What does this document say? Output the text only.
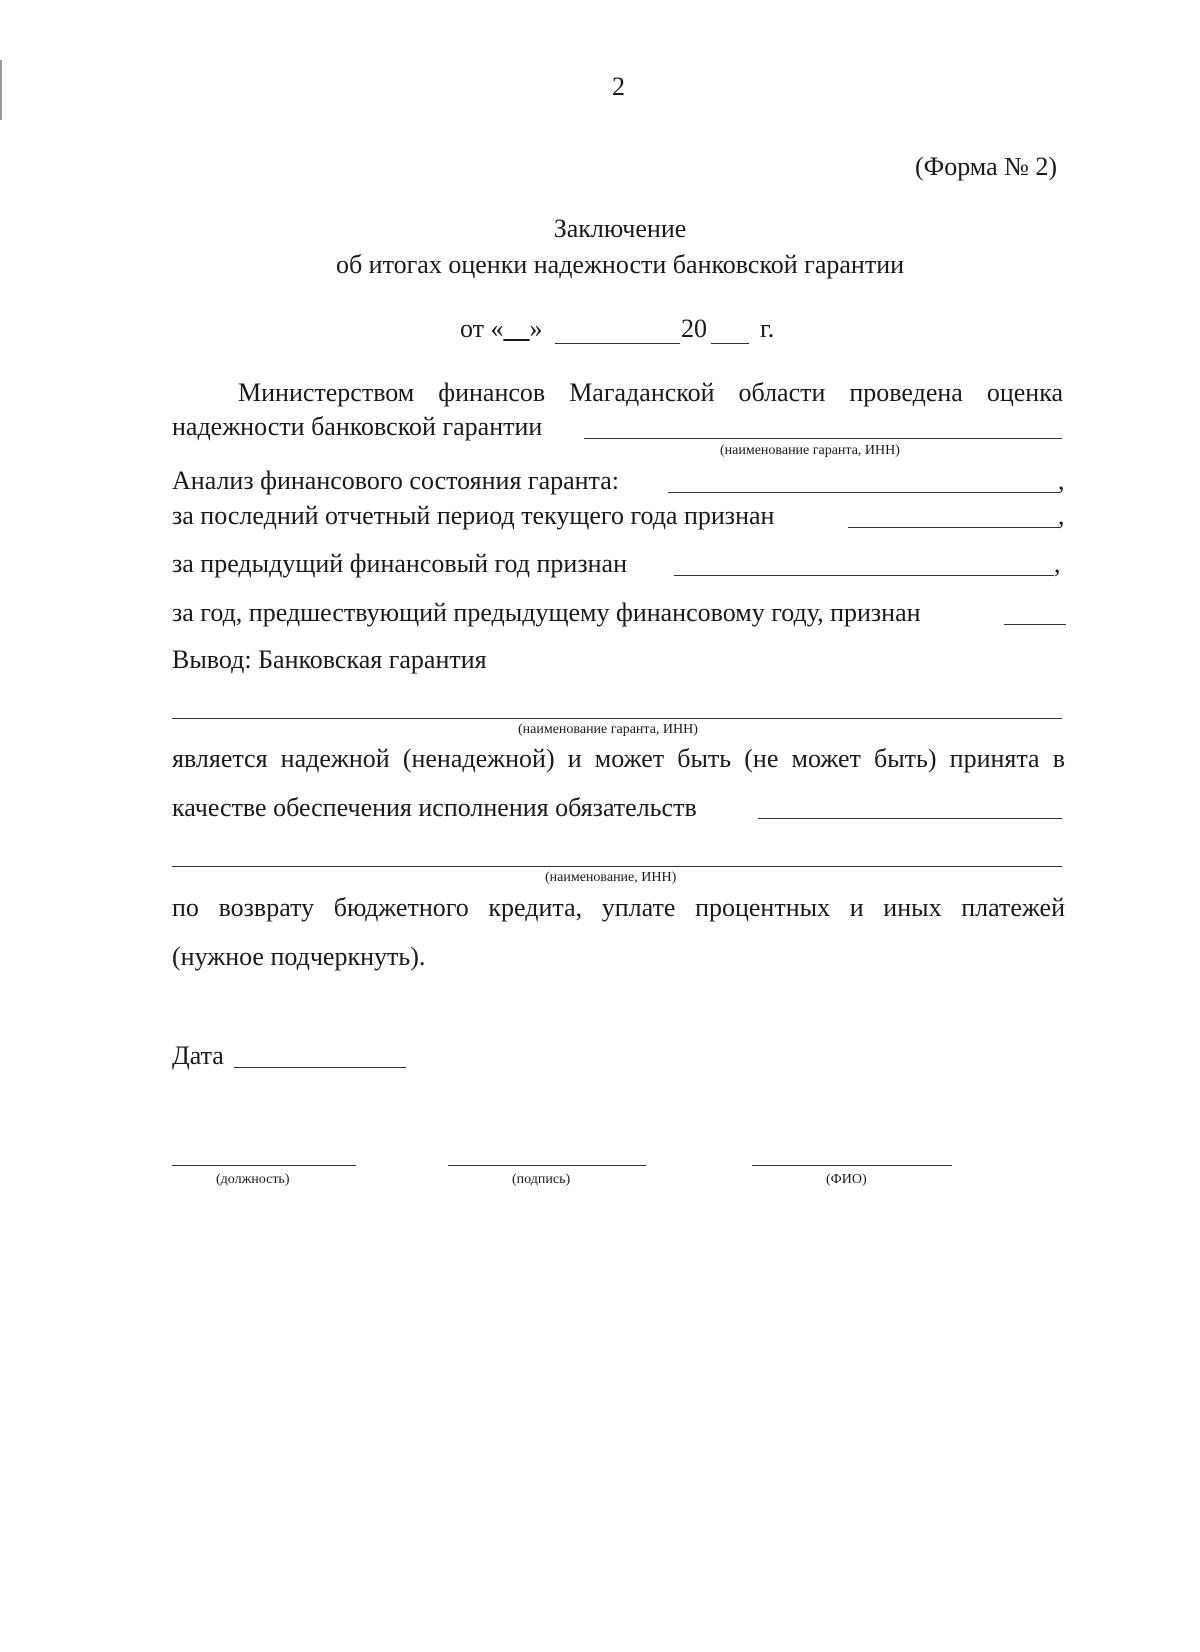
2
(Форма № 2)
Заключение
об итогах оценки надежности банковской гарантии
от «__»	20 г.
Министерством финансов Магаданской области проведена оценка
надежности банковской гарантии
(наименование гаранта, ИНН)
Анализ финансового состояния гаранта:	,
за последний отчетный период текущего года признан	,
за предыдущий финансовый год признан	,
за год, предшествующий предыдущему финансовому году, признан
Вывод: Банковская гарантия
(наименование гаранта, ИНН)
является надежной (ненадежной) и может быть (не может быть) принята в
качестве обеспечения исполнения обязательств
(наименование, ИНН)
по возврату бюджетного кредита, уплате процентных и иных платежей
(нужное подчеркнуть).
Дата
(должность)	(подпись)	(ФИО)
